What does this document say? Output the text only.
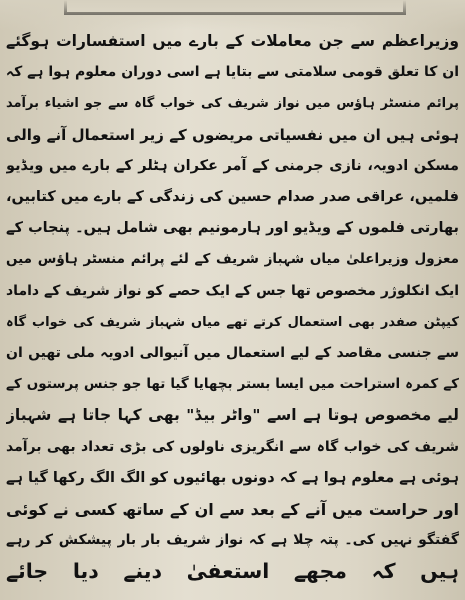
وزیراعظم سے جن معاملات کے بارے میں استفسارات ہوگئے
ان کا تعلق قومی سلامتی سے بتایا ہے اسی دوران معلوم ہوا ہے کہ
پرائم منسٹر ہاؤس میں نواز شریف کی خواب گاہ سے جو اشیاء برآمد
ہوئی ہیں ان میں نفسیاتی مریضوں کے زیر استعمال آنے والی
مسکن ادویہ، نازی جرمنی کے آمر عکران ہٹلر کے بارے میں ویڈیو
فلمیں، عراقی صدر صدام حسین کی زندگی کے بارے میں کتابیں،
بھارتی فلموں کے ویڈیو اور ہارمونیم بھی شامل ہیں۔ پنجاب کے
معزول وزیراعلیٰ میاں شہباز شریف کے لئے پرائم منسٹر ہاؤس میں
ایک انکلوژر مخصوص تھا جس کے ایک حصے کو نواز شریف کے داماد
کیپٹن صفدر بھی استعمال کرتے تھے میاں شہباز شریف کی خواب گاہ
سے جنسی مقاصد کے لیے استعمال میں آنیوالی ادویہ ملی تھیں ان
کے کمرہ استراحت میں ایسا بستر بچھایا گیا تھا جو جنس پرستوں کے
لیے مخصوص ہوتا ہے اسے "واٹر بیڈ" بھی کہا جاتا ہے شہباز
شریف کی خواب گاہ سے انگریزی ناولوں کی بڑی تعداد بھی برآمد
ہوئی ہے معلوم ہوا ہے کہ دونوں بھائیوں کو الگ الگ رکھا گیا ہے
اور حراست میں آنے کے بعد سے ان کے ساتھ کسی نے کوئی
گفتگو نہیں کی۔ پتہ چلا ہے کہ نواز شریف بار بار پیشکش کر رہے
ہیں کہ مجھے استعفیٰ دینے دیا جائے
